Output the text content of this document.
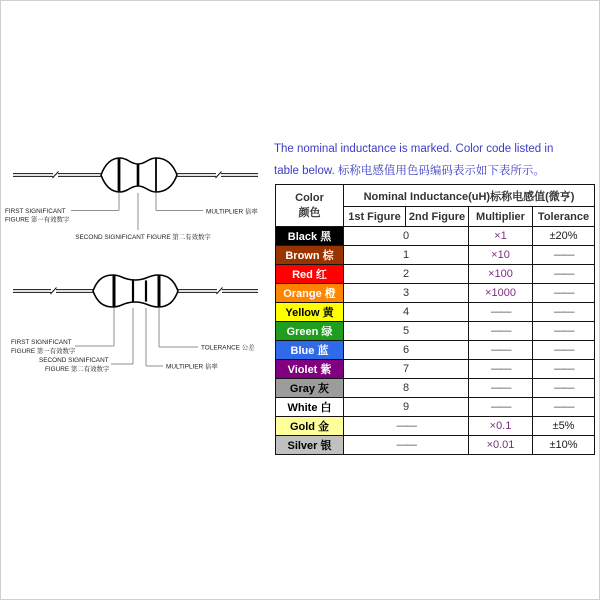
FIRST SIGNIFICANT
FIGURE 第一有效数字
SECOND SIGNIFICANT FIGURE 第二有效数字
MULTIPLIER 倍率
FIRST SIGNIFICANT
FIGURE 第一有效数字
SECOND SIGNIFICANT
FIGURE 第二有效数字	MULTIPLIER 倍率
TOLERANCE 公差
The nominal inductance is marked. Color code listed in
table below. 标称电感值用色码编码表示如下表所示。
Color
颜色	Nominal Inductance(uH)标称电感值(微亨)			
	1st Figure	2nd Figure	Multiplier	Tolerance
Black 黑	0		×1	±20%
Brown 棕	1		×10	——
Red 红	2		×100	——
Orange 橙	3		×1000	——
Yellow 黄	4		——	——
Green 绿	5		——	——
Blue 蓝	6		——	——
Violet 紫	7		——	——
Gray 灰	8		——	——
White 白	9		——	——
Gold 金	——		×0.1	±5%
Silver 银	——		×0.01	±10%
